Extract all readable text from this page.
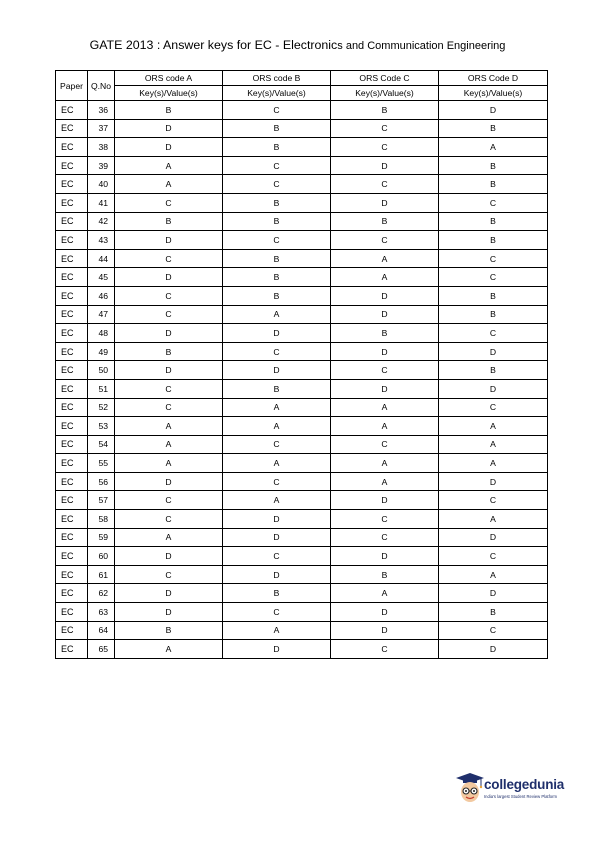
GATE 2013 : Answer keys for EC - Electronics and Communication Engineering
Paper	Q.No	ORS code A	ORS code B	ORS Code C	ORS Code D
		Key(s)/Value(s)	Key(s)/Value(s)	Key(s)/Value(s)	Key(s)/Value(s)
EC	36	B	C	B	D
EC	37	D	B	C	B
EC	38	D	B	C	A
EC	39	A	C	D	B
EC	40	A	C	C	B
EC	41	C	B	D	C
EC	42	B	B	B	B
EC	43	D	C	C	B
EC	44	C	B	A	C
EC	45	D	B	A	C
EC	46	C	B	D	B
EC	47	C	A	D	B
EC	48	D	D	B	C
EC	49	B	C	D	D
EC	50	D	D	C	B
EC	51	C	B	D	D
EC	52	C	A	A	C
EC	53	A	A	A	A
EC	54	A	C	C	A
EC	55	A	A	A	A
EC	56	D	C	A	D
EC	57	C	A	D	C
EC	58	C	D	C	A
EC	59	A	D	C	D
EC	60	D	C	D	C
EC	61	C	D	B	A
EC	62	D	B	A	D
EC	63	D	C	D	B
EC	64	B	A	D	C
EC	65	A	D	C	D
collegedunia
India's largest Student Review Platform
